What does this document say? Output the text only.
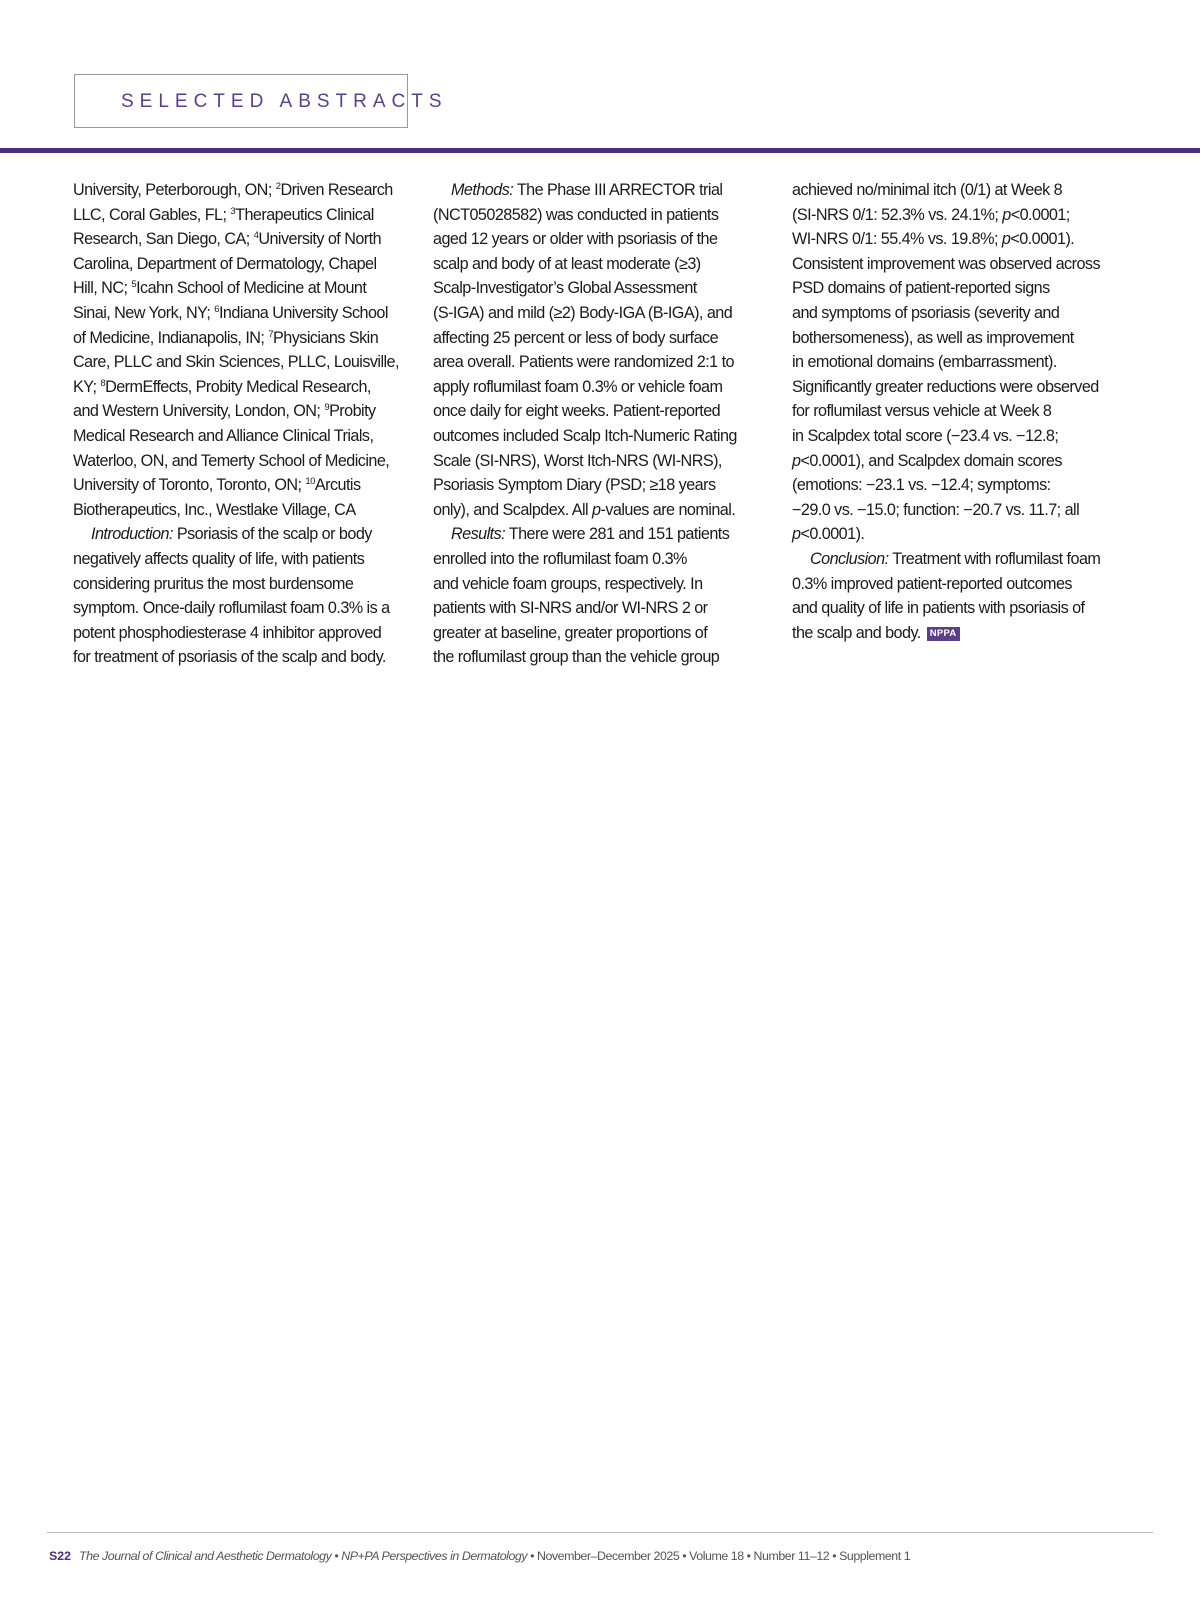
SELECTED ABSTRACTS
University, Peterborough, ON; $^2$Driven Research
LLC, Coral Gables, FL; $^3$Therapeutics Clinical
Research, San Diego, CA; $^4$University of North
Carolina, Department of Dermatology, Chapel
Hill, NC; $^5$Icahn School of Medicine at Mount
Sinai, New York, NY; $^6$Indiana University School
of Medicine, Indianapolis, IN; $^7$Physicians Skin
Care, PLLC and Skin Sciences, PLLC, Louisville,
KY; $^8$DermEffects, Probity Medical Research,
and Western University, London, ON; $^9$Probity
Medical Research and Alliance Clinical Trials,
Waterloo, ON, and Temerty School of Medicine,
University of Toronto, Toronto, ON; $^{10}$Arcutis
Biotherapeutics, Inc., Westlake Village, CA

Introduction: Psoriasis of the scalp or body
negatively affects quality of life, with patients
considering pruritus the most burdensome
symptom. Once-daily roflumilast foam 0.3% is a
potent phosphodiesterase 4 inhibitor approved
for treatment of psoriasis of the scalp and body.

Methods: The Phase III ARRECTOR trial
(NCT05028582) was conducted in patients
aged 12 years or older with psoriasis of the
scalp and body of at least moderate (≥3)
Scalp-Investigator’s Global Assessment
(S-IGA) and mild (≥2) Body-IGA (B-IGA), and
affecting 25 percent or less of body surface
area overall. Patients were randomized 2:1 to
apply roflumilast foam 0.3% or vehicle foam
once daily for eight weeks. Patient-reported
outcomes included Scalp Itch-Numeric Rating
Scale (SI-NRS), Worst Itch-NRS (WI-NRS),
Psoriasis Symptom Diary (PSD; ≥18 years
only), and Scalpdex. All p-values are nominal.

Results: There were 281 and 151 patients
enrolled into the roflumilast foam 0.3%
and vehicle foam groups, respectively. In
patients with SI-NRS and/or WI-NRS 2 or
greater at baseline, greater proportions of
the roflumilast group than the vehicle group

achieved no/minimal itch (0/1) at Week 8
(SI-NRS 0/1: 52.3% vs. 24.1%; p<0.0001;
WI-NRS 0/1: 55.4% vs. 19.8%; p<0.0001).
Consistent improvement was observed across
PSD domains of patient-reported signs
and symptoms of psoriasis (severity and
bothersomeness), as well as improvement
in emotional domains (embarrassment).
Significantly greater reductions were observed
for roflumilast versus vehicle at Week 8
in Scalpdex total score (−23.4 vs. −12.8;
p<0.0001), and Scalpdex domain scores
(emotions: −23.1 vs. −12.4; symptoms:
−29.0 vs. −15.0; function: −20.7 vs. 11.7; all
p<0.0001).

Conclusion: Treatment with roflumilast foam
0.3% improved patient-reported outcomes
and quality of life in patients with psoriasis of
the scalp and body. NPPA

S22 The Journal of Clinical and Aesthetic Dermatology • NP+PA Perspectives in Dermatology • November–December 2025 • Volume 18 • Number 11–12 • Supplement 1
